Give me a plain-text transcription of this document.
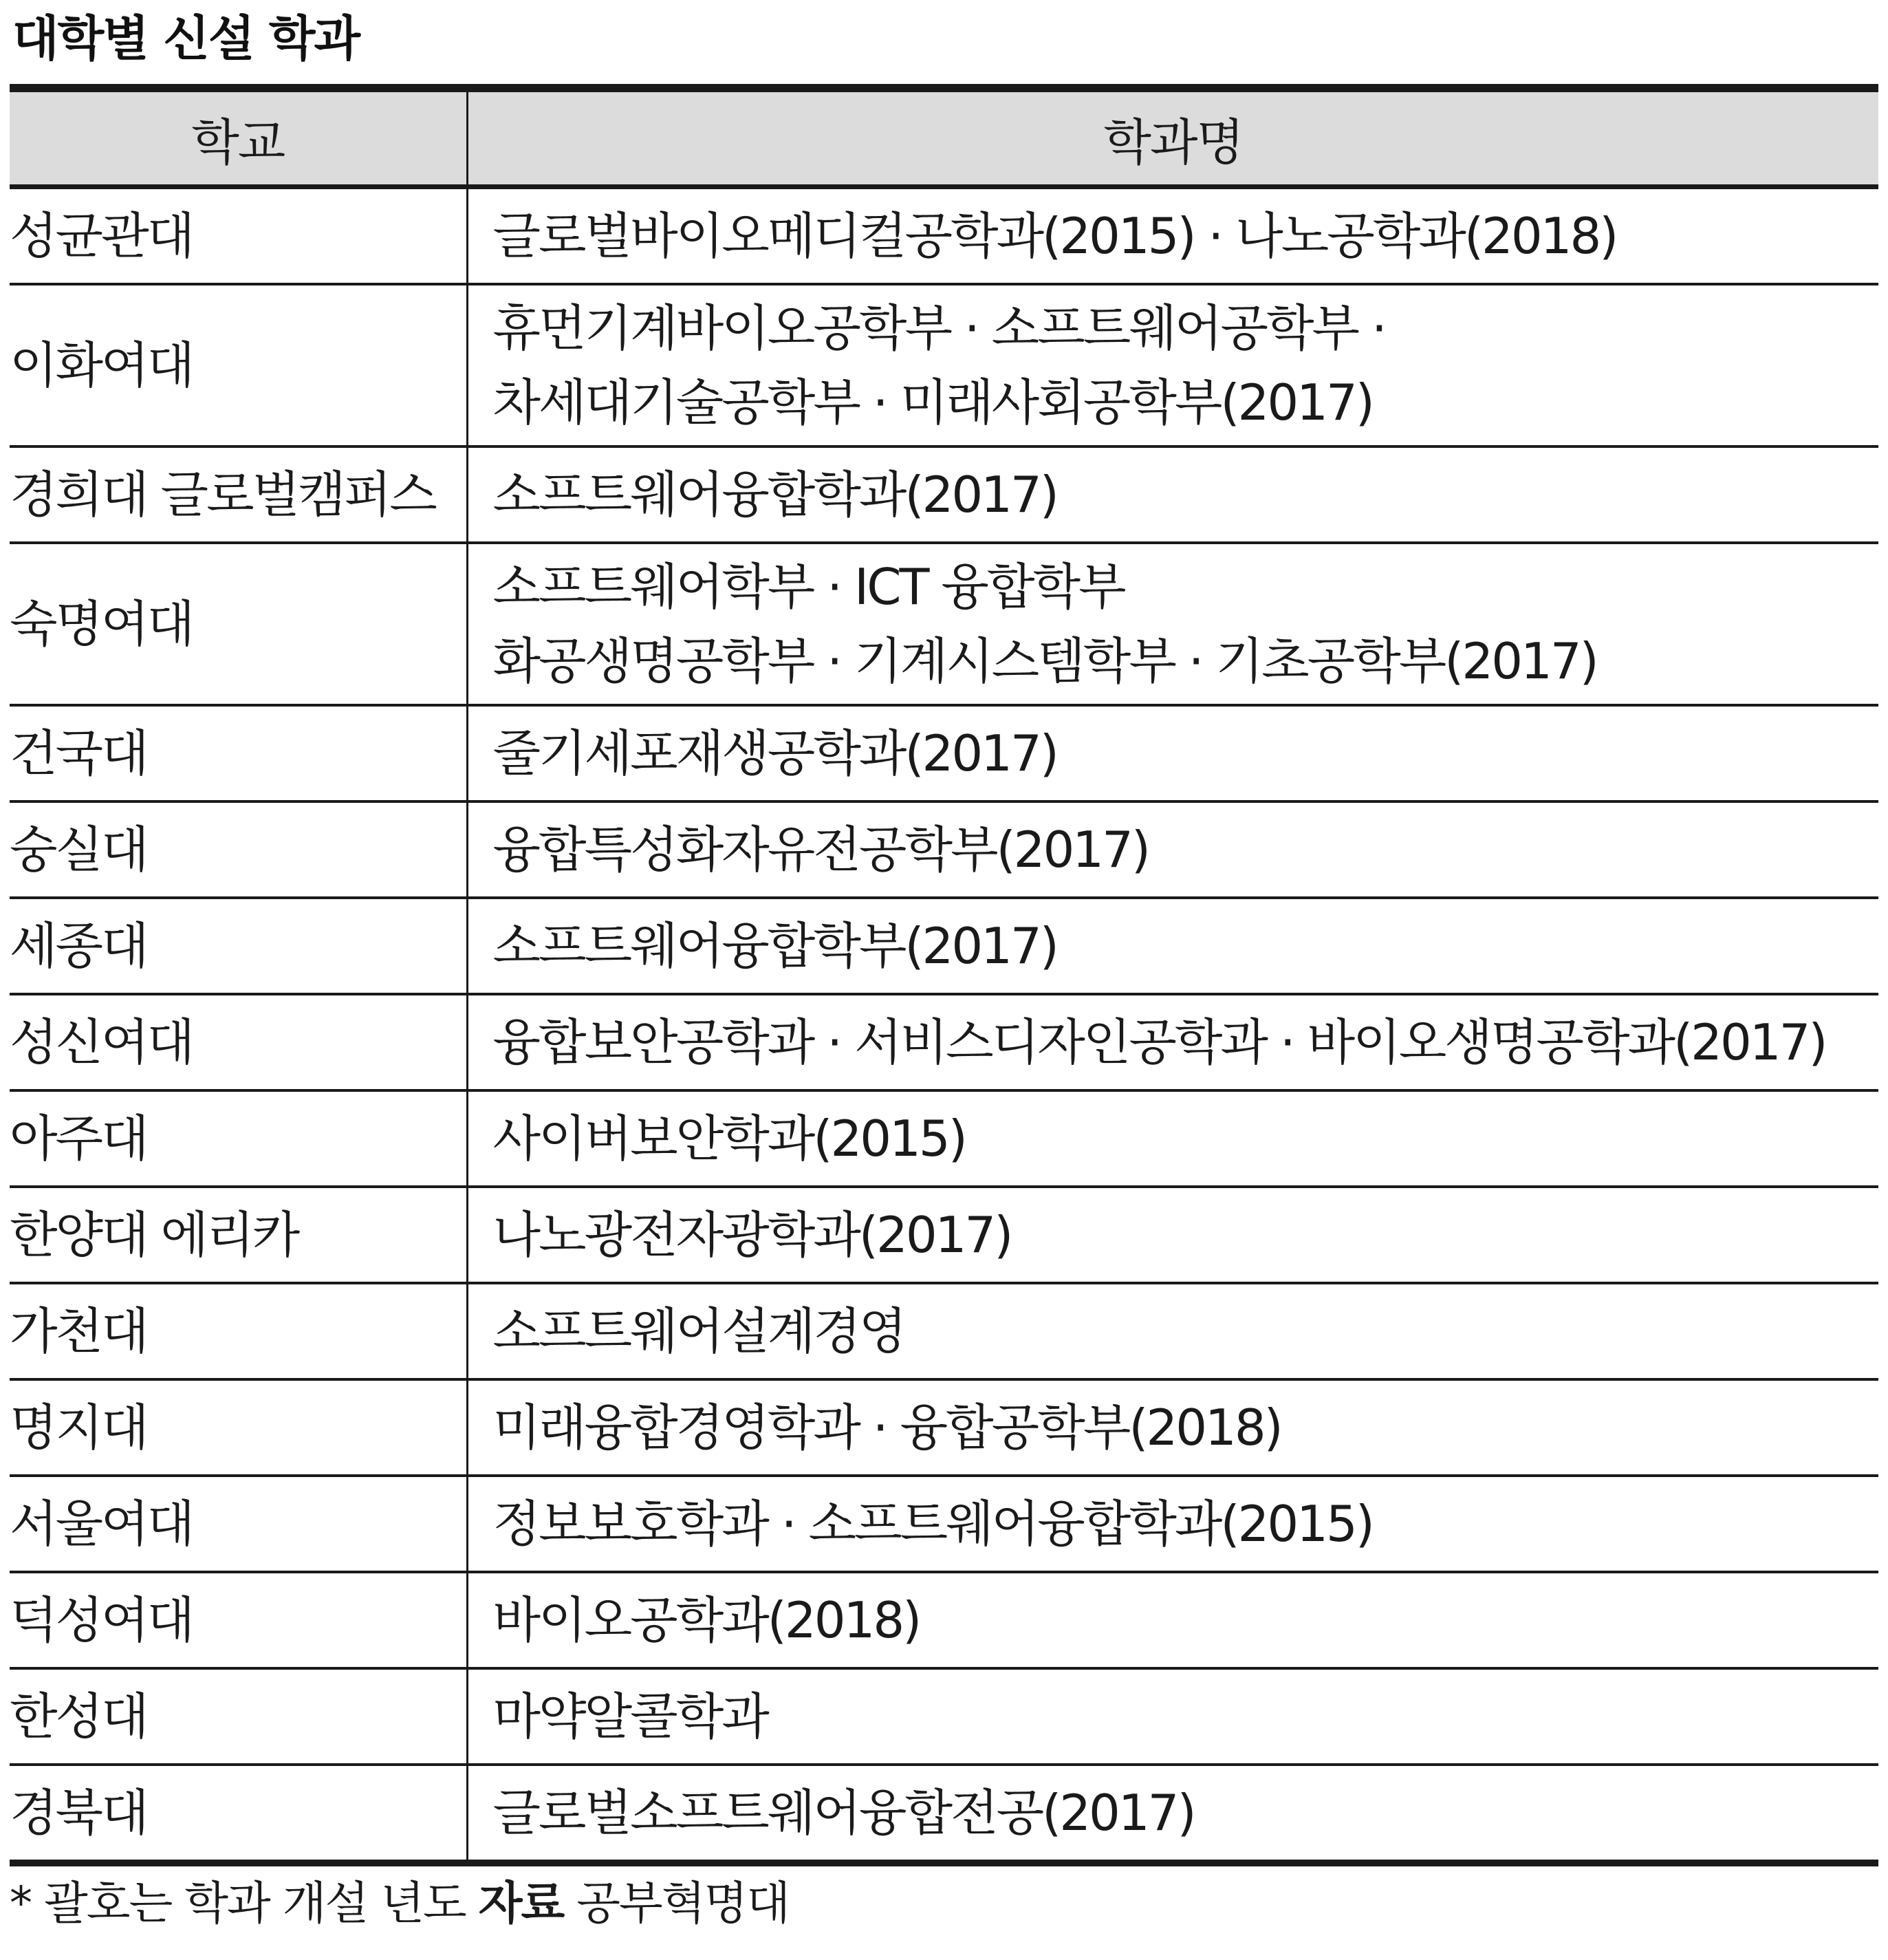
대학별 신설 학과
학교	학과명
성균관대	글로벌바이오메디컬공학과(2015) · 나노공학과(2018)

이화여대	휴먼기계바이오공학부 · 소프트웨어공학부 ·
차세대기술공학부 · 미래사회공학부(2017)

경희대 글로벌캠퍼스	소프트웨어융합학과(2017)

숙명여대	소프트웨어학부 · ICT 융합학부
화공생명공학부 · 기계시스템학부 · 기초공학부(2017)

건국대	줄기세포재생공학과(2017)

숭실대	융합특성화자유전공학부(2017)

세종대	소프트웨어융합학부(2017)

성신여대	융합보안공학과 · 서비스디자인공학과 · 바이오생명공학과(2017)

아주대	사이버보안학과(2015)

한양대 에리카	나노광전자광학과(2017)

가천대	소프트웨어설계경영

명지대	미래융합경영학과 · 융합공학부(2018)

서울여대	정보보호학과 · 소프트웨어융합학과(2015)

덕성여대	바이오공학과(2018)

한성대	마약알콜학과

경북대	글로벌소프트웨어융합전공(2017)
* 괄호는 학과 개설 년도 자료 공부혁명대
